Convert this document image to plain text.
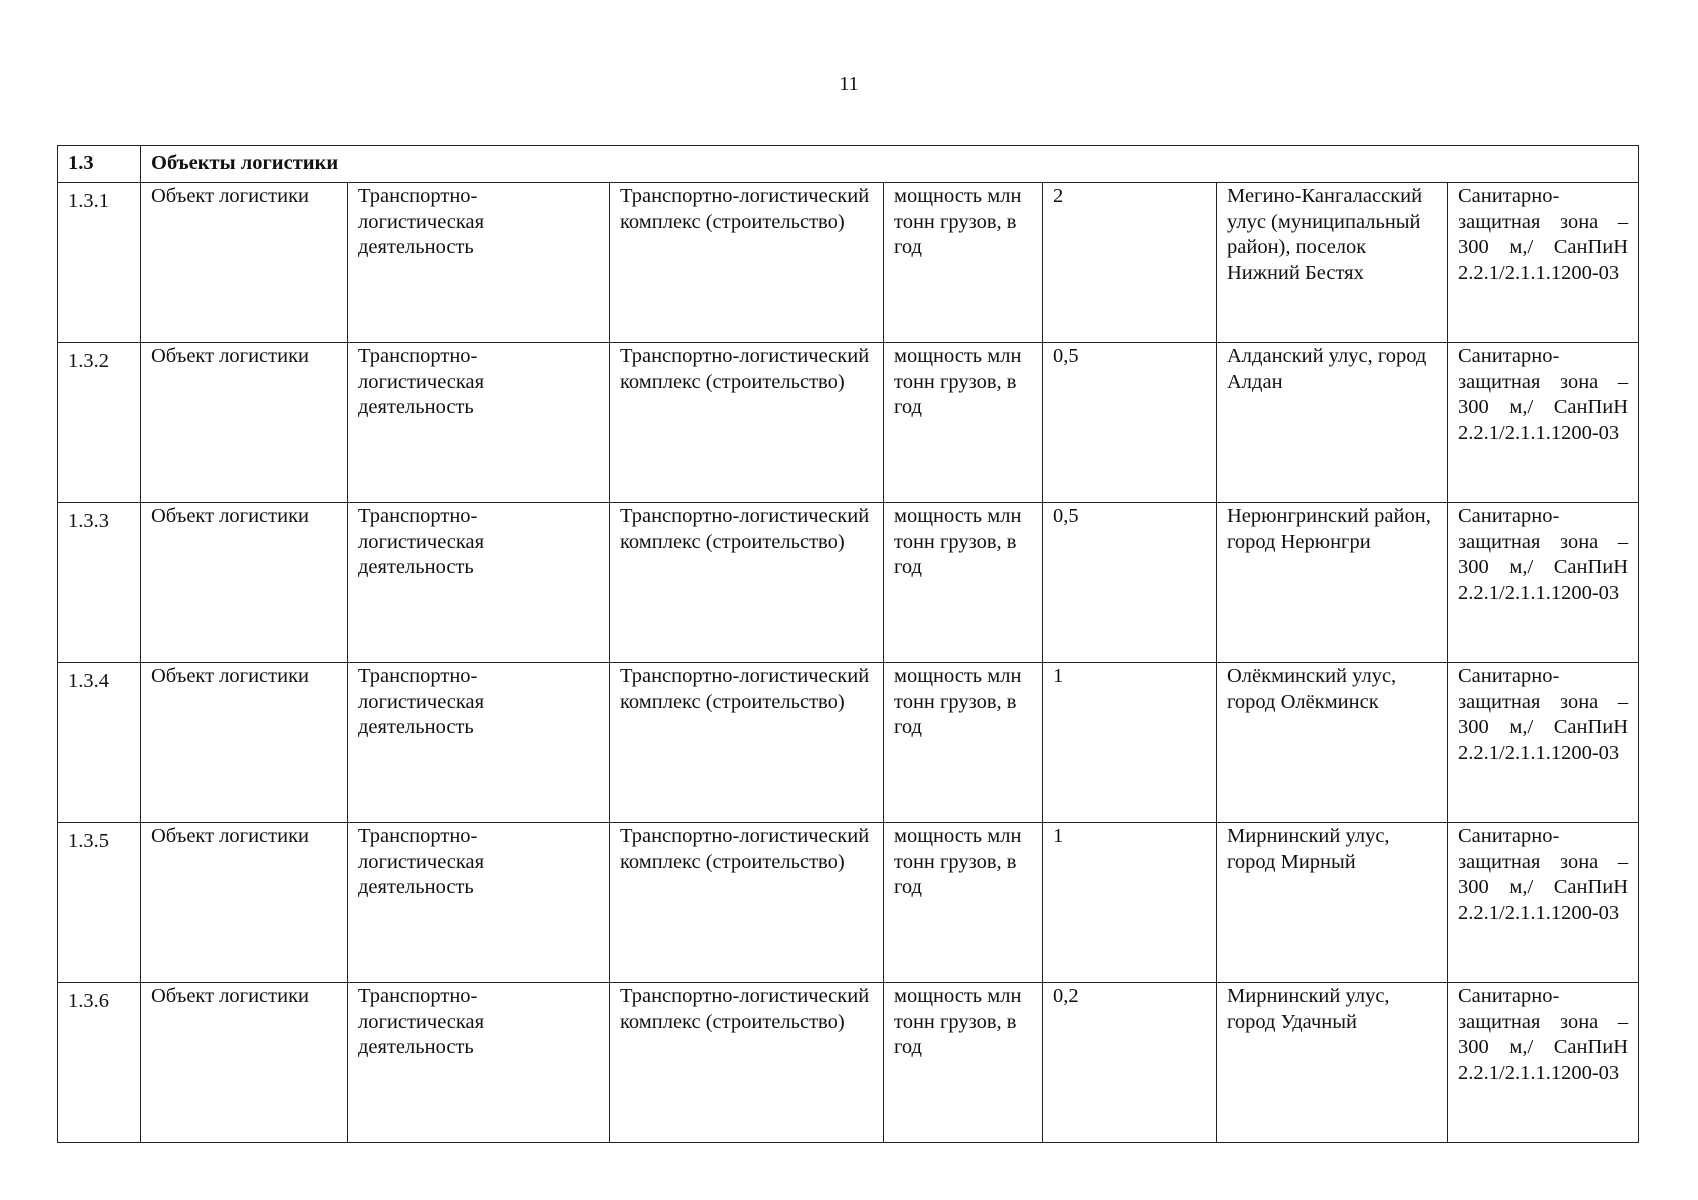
11
1.3	Объекты логистики						
1.3.1	Объект логистики	Транспортно-логистическая деятельность	Транспортно-логистический комплекс (строительство)	мощность млн тонн грузов, в год	2	Мегино-Кангаласский улус (муниципальный район), поселок Нижний Бестях	Санитарно-защитная зона – 300 м,/ СанПиН 2.2.1/2.1.1.1200-03
1.3.2	Объект логистики	Транспортно-логистическая деятельность	Транспортно-логистический комплекс (строительство)	мощность млн тонн грузов, в год	0,5	Алданский улус, город Алдан	Санитарно-защитная зона – 300 м,/ СанПиН 2.2.1/2.1.1.1200-03
1.3.3	Объект логистики	Транспортно-логистическая деятельность	Транспортно-логистический комплекс (строительство)	мощность млн тонн грузов, в год	0,5	Нерюнгринский район, город Нерюнгри	Санитарно-защитная зона – 300 м,/ СанПиН 2.2.1/2.1.1.1200-03
1.3.4	Объект логистики	Транспортно-логистическая деятельность	Транспортно-логистический комплекс (строительство)	мощность млн тонн грузов, в год	1	Олёкминский улус, город Олёкминск	Санитарно-защитная зона – 300 м,/ СанПиН 2.2.1/2.1.1.1200-03
1.3.5	Объект логистики	Транспортно-логистическая деятельность	Транспортно-логистический комплекс (строительство)	мощность млн тонн грузов, в год	1	Мирнинский улус, город Мирный	Санитарно-защитная зона – 300 м,/ СанПиН 2.2.1/2.1.1.1200-03
1.3.6	Объект логистики	Транспортно-логистическая деятельность	Транспортно-логистический комплекс (строительство)	мощность млн тонн грузов, в год	0,2	Мирнинский улус, город Удачный	Санитарно-защитная зона – 300 м,/ СанПиН 2.2.1/2.1.1.1200-03
